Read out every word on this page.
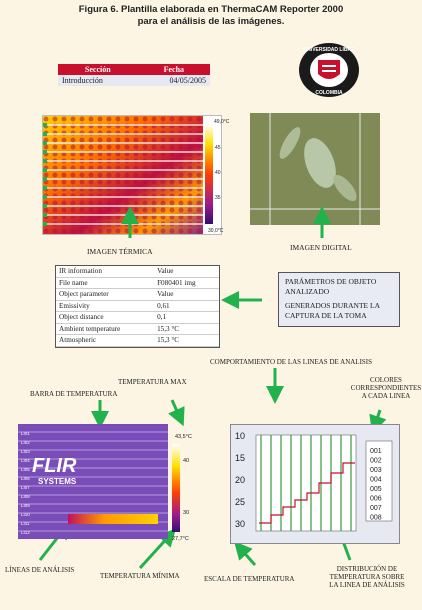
Figura 6. Plantilla elaborada en ThermaCAM Reporter 2000
para el análisis de las imágenes.
Sección	Fecha
Introducción	04/05/2005
UNIVERSIDAD LIBRE
COLOMBIA
49,0°C
45
40
35
30,0°C
IMAGEN TÉRMICA	IMAGEN DIGITAL
IR information	Value
File name	F080401 img
Object parameter	Value
Emissivity	0,61
Object distance	0,1
Ambient temperature	15,3 °C
Atmospheric	15,3 °C
PARÁMETROS DE OBJETO
ANALIZADO
GENERADOS DURANTE LA
CAPTURA DE LA TOMA
COMPORTAMIENTO DE LAS LINEAS DE ANALISIS
COLORES
CORRESPONDIENTES
A CADA LINEA
TEMPERATURA MAX
BARRA DE TEMPERATURA
LÍNEAS DE ANÁLISIS
TEMPERATURA MÍNIMA	ESCALA DE TEMPERATURA
DISTRIBUCIÓN DE
TEMPERATURA SOBRE
LA LINEA DE ANÁLISIS
LI01
LI02
LI03
LI04
LI05
LI06
LI07
LI08
LI09
LI10
LI11
LI12
FLIR
SYSTEMS
43,5°C
40
30
27,7°C
10
15
20
25
30
001
002
003
004
005
006
007
008
